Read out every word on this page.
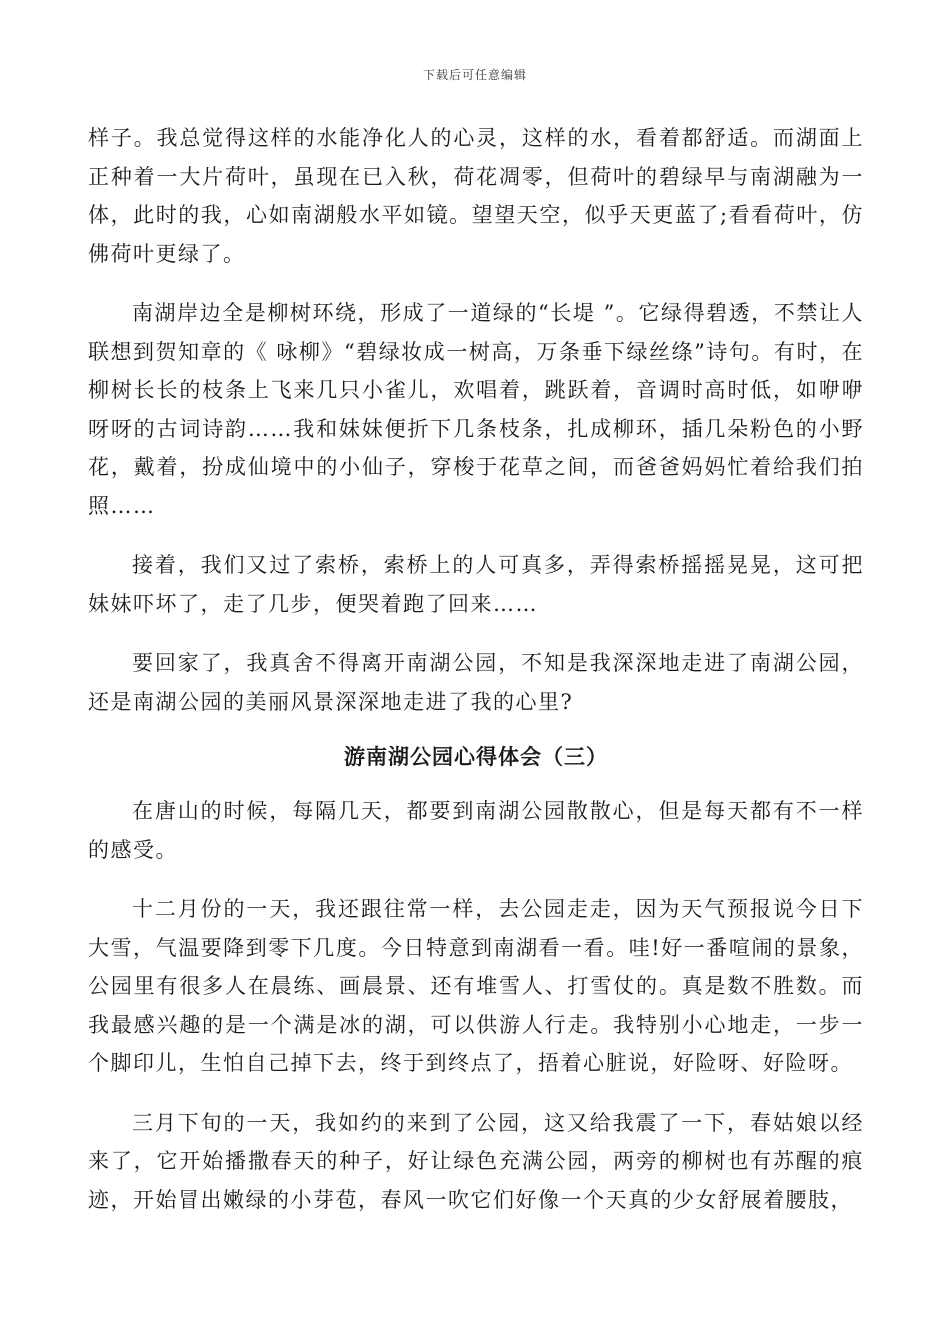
下载后可任意编辑

样子。我总觉得这样的水能净化人的心灵，这样的水，看着都舒适。而湖面上正种着一大片荷叶，虽现在已入秋，荷花凋零，但荷叶的碧绿早与南湖融为一体，此时的我，心如南湖般水平如镜。望望天空，似乎天更蓝了;看看荷叶，仿佛荷叶更绿了。

南湖岸边全是柳树环绕，形成了一道绿的“长堤 ”。它绿得碧透，不禁让人联想到贺知章的《 咏柳》“碧绿妆成一树高，万条垂下绿丝绦”诗句。有时，在柳树长长的枝条上飞来几只小雀儿，欢唱着，跳跃着，音调时高时低，如咿咿呀呀的古词诗韵……我和妹妹便折下几条枝条，扎成柳环，插几朵粉色的小野花，戴着，扮成仙境中的小仙子，穿梭于花草之间，而爸爸妈妈忙着给我们拍照……

接着，我们又过了索桥，索桥上的人可真多，弄得索桥摇摇晃晃，这可把妹妹吓坏了，走了几步，便哭着跑了回来……

要回家了，我真舍不得离开南湖公园，不知是我深深地走进了南湖公园，还是南湖公园的美丽风景深深地走进了我的心里?

游南湖公园心得体会（三）

在唐山的时候，每隔几天，都要到南湖公园散散心，但是每天都有不一样的感受。

十二月份的一天，我还跟往常一样，去公园走走，因为天气预报说今日下大雪，气温要降到零下几度。今日特意到南湖看一看。哇!好一番喧闹的景象，公园里有很多人在晨练、画晨景、还有堆雪人、打雪仗的。真是数不胜数。而我最感兴趣的是一个满是冰的湖，可以供游人行走。我特别小心地走，一步一个脚印儿，生怕自己掉下去，终于到终点了，捂着心脏说，好险呀、好险呀。

三月下旬的一天，我如约的来到了公园，这又给我震了一下，春姑娘以经来了，它开始播撒春天的种子，好让绿色充满公园，两旁的柳树也有苏醒的痕迹，开始冒出嫩绿的小芽苞，春风一吹它们好像一个天真的少女舒展着腰肢，
